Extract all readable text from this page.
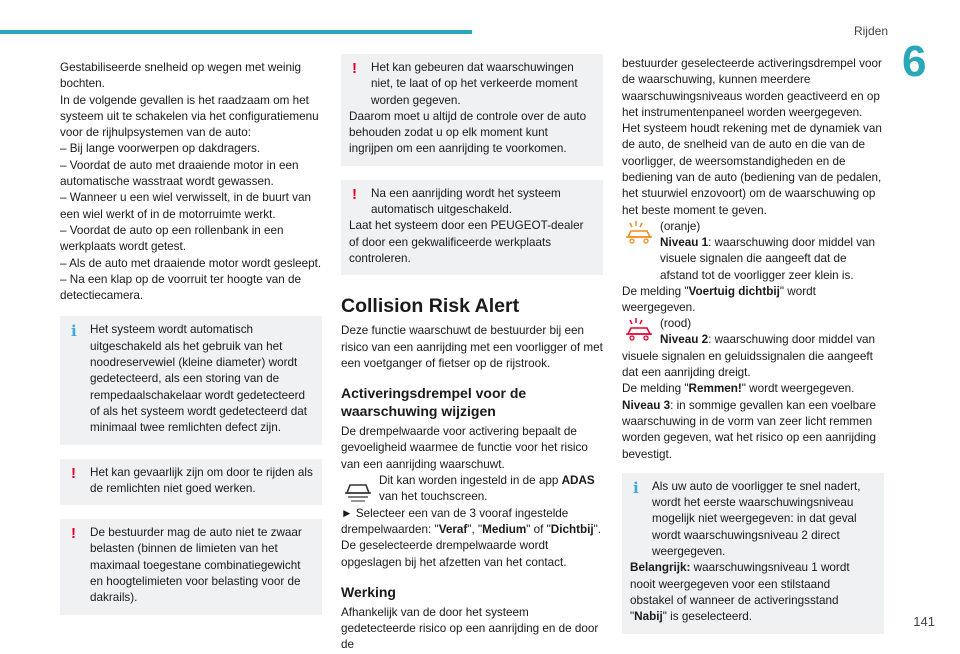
Rijden
6
141

Gestabiliseerde snelheid op wegen met weinig bochten.

In de volgende gevallen is het raadzaam om het systeem uit te schakelen via het configuratiemenu voor de rijhulpsystemen van de auto:

– Bij lange voorwerpen op dakdragers.

– Voordat de auto met draaiende motor in een automatische wasstraat wordt gewassen.

– Wanneer u een wiel verwisselt, in de buurt van een wiel werkt of in de motorruimte werkt.

– Voordat de auto op een rollenbank in een werkplaats wordt getest.

– Als de auto met draaiende motor wordt gesleept.

– Na een klap op de voorruit ter hoogte van de detectiecamera.

i	Het systeem wordt automatisch uitgeschakeld als het gebruik van het noodreservewiel (kleine diameter) wordt gedetecteerd, als een storing van de rempedaalschakelaar wordt gedetecteerd of als het systeem wordt gedetecteerd dat minimaal twee remlichten defect zijn.

!	Het kan gevaarlijk zijn om door te rijden als de remlichten niet goed werken.

!	De bestuurder mag de auto niet te zwaar belasten (binnen de limieten van het maximaal toegestane combinatiegewicht en hoogtelimieten voor belasting voor de dakrails).

!	Het kan gebeuren dat waarschuwingen niet, te laat of op het verkeerde moment worden gegeven.

Daarom moet u altijd de controle over de auto behouden zodat u op elk moment kunt ingrijpen om een aanrijding te voorkomen.

!	Na een aanrijding wordt het systeem automatisch uitgeschakeld.

Laat het systeem door een PEUGEOT-dealer of door een gekwalificeerde werkplaats controleren.

Collision Risk Alert

Deze functie waarschuwt de bestuurder bij een risico van een aanrijding met een voorligger of met een voetganger of fietser op de rijstrook.

Activeringsdrempel voor de waarschuwing wijzigen

De drempelwaarde voor activering bepaalt de gevoeligheid waarmee de functie voor het risico van een aanrijding waarschuwt.

Dit kan worden ingesteld in de app ADAS van het touchscreen.

► Selecteer een van de 3 vooraf ingestelde drempelwaarden: "Veraf", "Medium" of "Dichtbij".

De geselecteerde drempelwaarde wordt opgeslagen bij het afzetten van het contact.

Werking

Afhankelijk van de door het systeem gedetecteerde risico op een aanrijding en de door de

bestuurder geselecteerde activeringsdrempel voor de waarschuwing, kunnen meerdere waarschuwingsniveaus worden geactiveerd en op het instrumentenpaneel worden weergegeven.

Het systeem houdt rekening met de dynamiek van de auto, de snelheid van de auto en die van de voorligger, de weersomstandigheden en de bediening van de auto (bediening van de pedalen, het stuurwiel enzovoort) om de waarschuwing op het beste moment te geven.

(oranje)

Niveau 1: waarschuwing door middel van visuele signalen die aangeeft dat de afstand tot de voorligger zeer klein is.

De melding "Voertuig dichtbij" wordt weergegeven.

(rood)

Niveau 2: waarschuwing door middel van visuele signalen en geluidssignalen die aangeeft dat een aanrijding dreigt.

De melding "Remmen!" wordt weergegeven.

Niveau 3: in sommige gevallen kan een voelbare waarschuwing in de vorm van zeer licht remmen worden gegeven, wat het risico op een aanrijding bevestigt.

i	Als uw auto de voorligger te snel nadert, wordt het eerste waarschuwingsniveau mogelijk niet weergegeven: in dat geval wordt waarschuwingsniveau 2 direct weergegeven.

Belangrijk: waarschuwingsniveau 1 wordt nooit weergegeven voor een stilstaand obstakel of wanneer de activeringsstand "Nabij" is geselecteerd.
